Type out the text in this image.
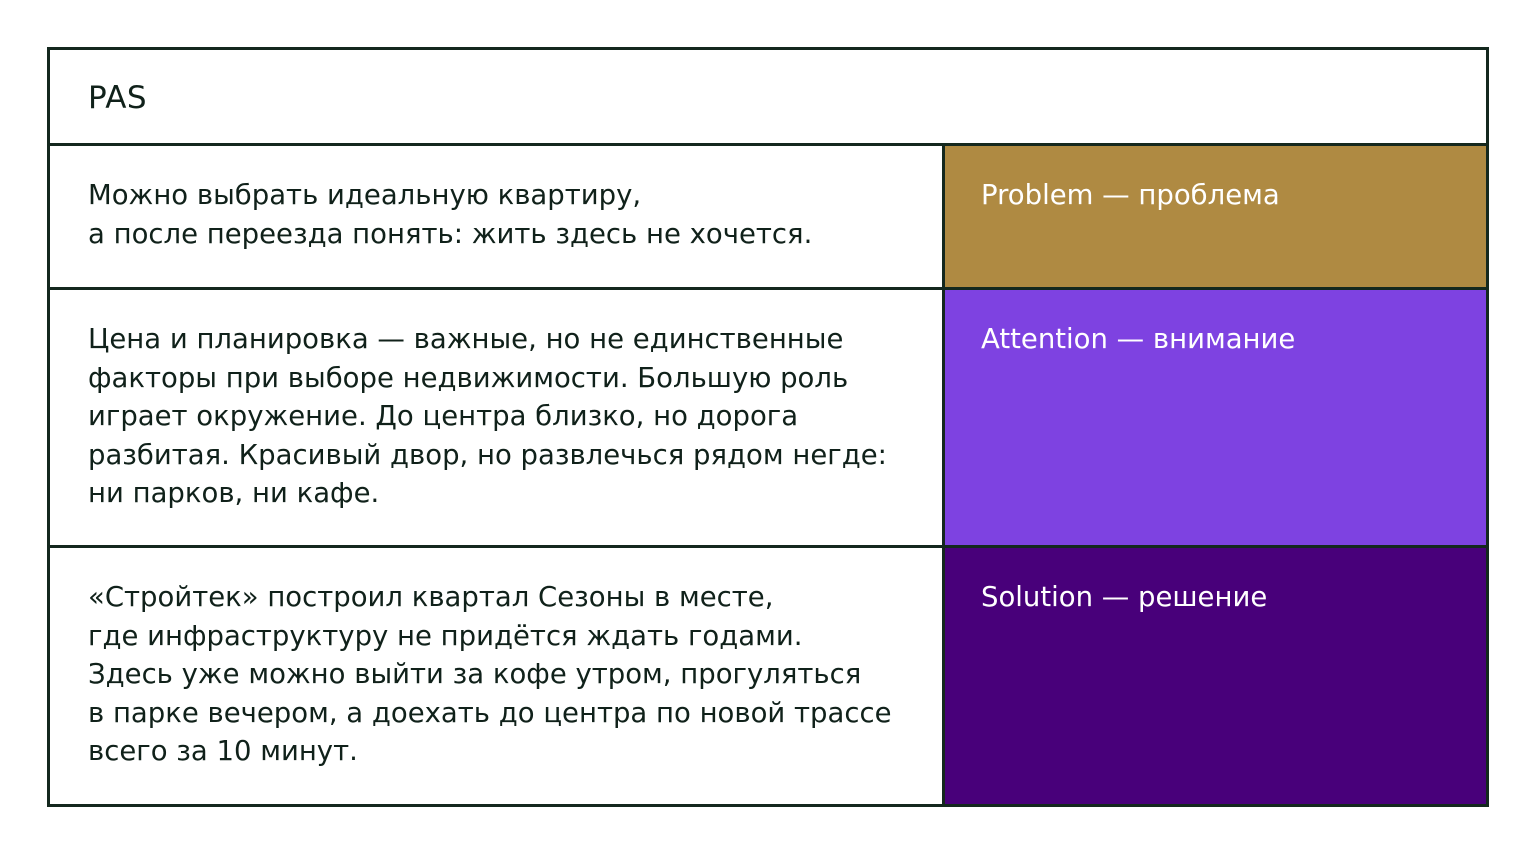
PAS

Можно выбрать идеальную квартиру,
а после переезда понять: жить здесь не хочется.

Problem — проблема

Цена и планировка — важные, но не единственные
факторы при выборе недвижимости. Большую роль
играет окружение. До центра близко, но дорога
разбитая. Красивый двор, но развлечься рядом негде:
ни парков, ни кафе.

Attention — внимание

«Стройтек» построил квартал Сезоны в месте,
где инфраструктуру не придётся ждать годами.
Здесь уже можно выйти за кофе утром, прогуляться
в парке вечером, а доехать до центра по новой трассе
всего за 10 минут.

Solution — решение
